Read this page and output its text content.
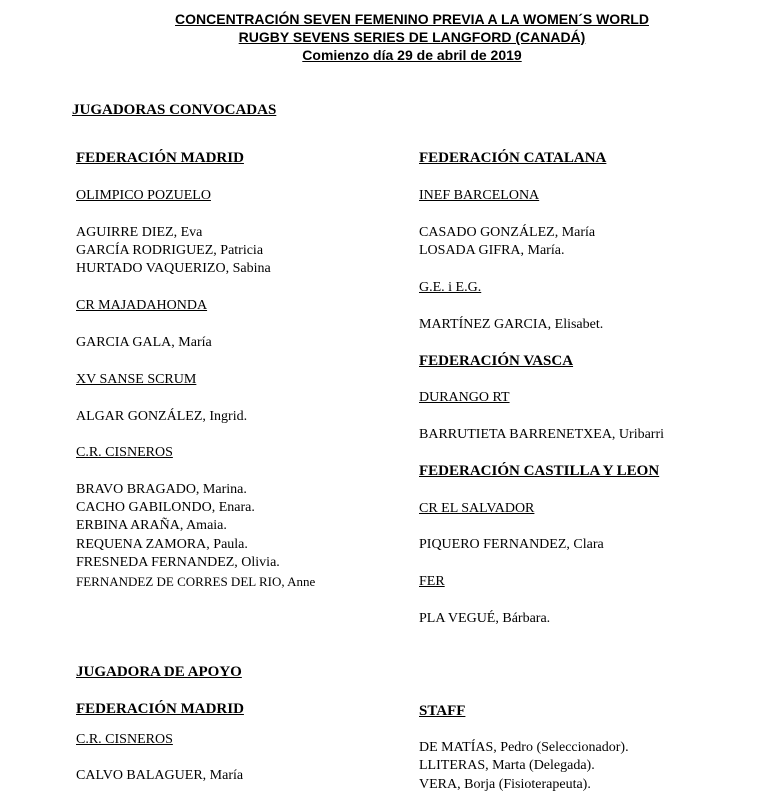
CONCENTRACIÓN SEVEN FEMENINO PREVIA A LA WOMEN´S WORLD
RUGBY SEVENS SERIES DE LANGFORD (CANADÁ)
Comienzo día 29 de abril de 2019
JUGADORAS CONVOCADAS
FEDERACIÓN MADRID
OLIMPICO POZUELO
AGUIRRE DIEZ, Eva
GARCÍA RODRIGUEZ, Patricia
HURTADO VAQUERIZO, Sabina
CR MAJADAHONDA
GARCIA GALA, María
XV SANSE SCRUM
ALGAR GONZÁLEZ, Ingrid.
C.R. CISNEROS
BRAVO BRAGADO, Marina.
CACHO GABILONDO, Enara.
ERBINA ARAÑA, Amaia.
REQUENA ZAMORA, Paula.
FRESNEDA FERNANDEZ, Olivia.
FERNANDEZ DE CORRES DEL RIO, Anne
FEDERACIÓN CATALANA
INEF BARCELONA
CASADO GONZÁLEZ, María
LOSADA GIFRA, María.
G.E. i E.G.
MARTÍNEZ GARCIA, Elisabet.
FEDERACIÓN VASCA
DURANGO RT
BARRUTIETA BARRENETXEA, Uribarri
FEDERACIÓN CASTILLA Y LEON
CR EL SALVADOR
PIQUERO FERNANDEZ, Clara
FER
PLA VEGUÉ, Bárbara.
JUGADORA DE APOYO
FEDERACIÓN MADRID
C.R. CISNEROS
CALVO BALAGUER, María
STAFF
DE MATÍAS, Pedro (Seleccionador).
LLITERAS, Marta (Delegada).
VERA, Borja (Fisioterapeuta).
